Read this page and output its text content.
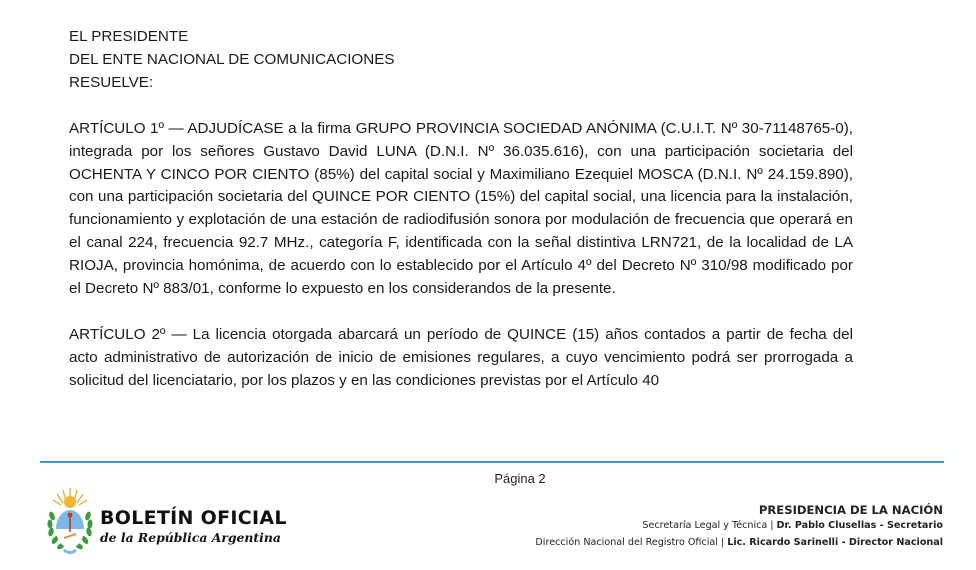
EL PRESIDENTE
DEL ENTE NACIONAL DE COMUNICACIONES
RESUELVE:

ARTÍCULO 1º — ADJUDÍCASE a la firma GRUPO PROVINCIA SOCIEDAD ANÓNIMA (C.U.I.T. Nº 30-71148765-0), integrada por los señores Gustavo David LUNA (D.N.I. Nº 36.035.616), con una participación societaria del OCHENTA Y CINCO POR CIENTO (85%) del capital social y Maximiliano Ezequiel MOSCA (D.N.I. Nº 24.159.890), con una participación societaria del QUINCE POR CIENTO (15%) del capital social, una licencia para la instalación, funcionamiento y explotación de una estación de radiodifusión sonora por modulación de frecuencia que operará en el canal 224, frecuencia 92.7 MHz., categoría F, identificada con la señal distintiva LRN721, de la localidad de LA RIOJA, provincia homónima, de acuerdo con lo establecido por el Artículo 4º del Decreto Nº 310/98 modificado por el Decreto Nº 883/01, conforme lo expuesto en los considerandos de la presente.

ARTÍCULO 2º — La licencia otorgada abarcará un período de QUINCE (15) años contados a partir de fecha del acto administrativo de autorización de inicio de emisiones regulares, a cuyo vencimiento podrá ser prorrogada a solicitud del licenciatario, por los plazos y en las condiciones previstas por el Artículo 40

Página 2
BOLETÍN OFICIAL
de la República Argentina
PRESIDENCIA DE LA NACIÓN
Secretaría Legal y Técnica | Dr. Pablo Clusellas - Secretario
Dirección Nacional del Registro Oficial | Lic. Ricardo Sarinelli - Director Nacional
